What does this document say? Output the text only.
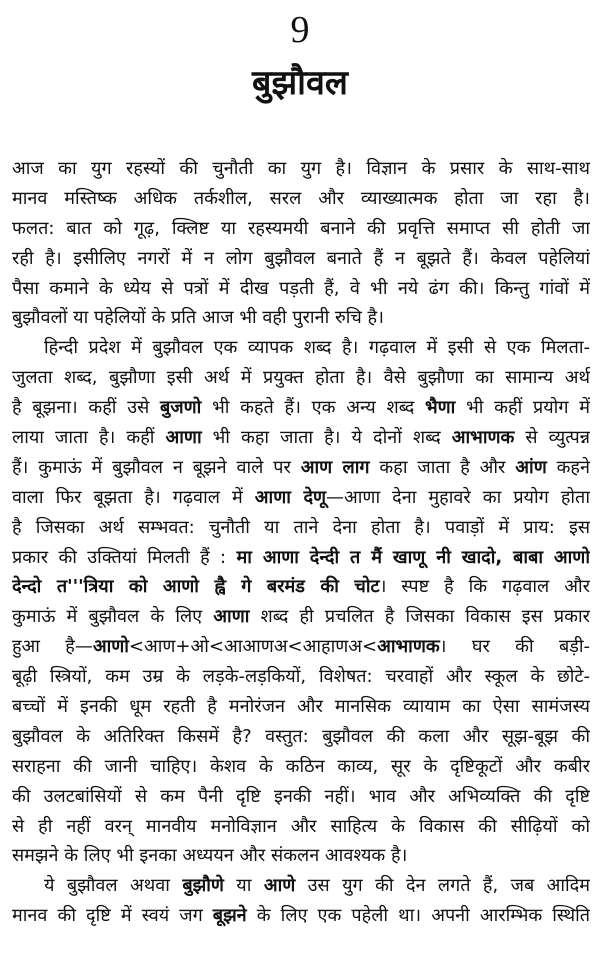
9
बुझौवल
आज का युग रहस्यों की चुनौती का युग है। विज्ञान के प्रसार के साथ-साथ
मानव मस्तिष्क अधिक तर्कशील, सरल और व्याख्यात्मक होता जा रहा है।
फलत: बात को गूढ़, क्लिष्ट या रहस्यमयी बनाने की प्रवृत्ति समाप्त सी होती जा
रही है। इसीलिए नगरों में न लोग बुझौवल बनाते हैं न बूझते हैं। केवल पहेलियां
पैसा कमाने के ध्येय से पत्रों में दीख पड़ती हैं, वे भी नये ढंग की। किन्तु गांवों में
बुझौवलों या पहेलियों के प्रति आज भी वही पुरानी रुचि है।
हिन्दी प्रदेश में बुझौवल एक व्यापक शब्द है। गढ़वाल में इसी से एक मिलता-
जुलता शब्द, बुझौणा इसी अर्थ में प्रयुक्त होता है। वैसे बुझौणा का सामान्य अर्थ
है बूझना। कहीं उसे बुजणो भी कहते हैं। एक अन्य शब्द भैणा भी कहीं प्रयोग में
लाया जाता है। कहीं आणा भी कहा जाता है। ये दोनों शब्द आभाणक से व्युत्पन्न
हैं। कुमाऊं में बुझौवल न बूझने वाले पर आण लाग कहा जाता है और आंण कहने
वाला फिर बूझता है। गढ़वाल में आणा देणू—आणा देना मुहावरे का प्रयोग होता
है जिसका अर्थ सम्भवत: चुनौती या ताने देना होता है। पवाड़ों में प्राय: इस
प्रकार की उक्तियां मिलती हैं : मा आणा देन्दी त मैं खाणू नी खादो, बाबा आणो
देन्दो त'''त्रिया को आणो ह्वै गे बरमंड की चोट। स्पष्ट है कि गढ़वाल और
कुमाऊं में बुझौवल के लिए आणा शब्द ही प्रचलित है जिसका विकास इस प्रकार
हुआ है—आणो<आण+ओ<आआणअ<आहाणअ<आभाणक। घर की बड़ी-
बूढ़ी स्त्रियों, कम उम्र के लड़के-लड़कियों, विशेषत: चरवाहों और स्कूल के छोटे-
बच्चों में इनकी धूम रहती है मनोरंजन और मानसिक व्यायाम का ऐसा सामंजस्य
बुझौवल के अतिरिक्त किसमें है? वस्तुत: बुझौवल की कला और सूझ-बूझ की
सराहना की जानी चाहिए। केशव के कठिन काव्य, सूर के दृष्टिकूटों और कबीर
की उलटबांसियों से कम पैनी दृष्टि इनकी नहीं। भाव और अभिव्यक्ति की दृष्टि
से ही नहीं वरन् मानवीय मनोविज्ञान और साहित्य के विकास की सीढ़ियों को
समझने के लिए भी इनका अध्ययन और संकलन आवश्यक है।
ये बुझौवल अथवा बुझौणे या आणे उस युग की देन लगते हैं, जब आदिम
मानव की दृष्टि में स्वयं जग बूझने के लिए एक पहेली था। अपनी आरम्भिक स्थिति
